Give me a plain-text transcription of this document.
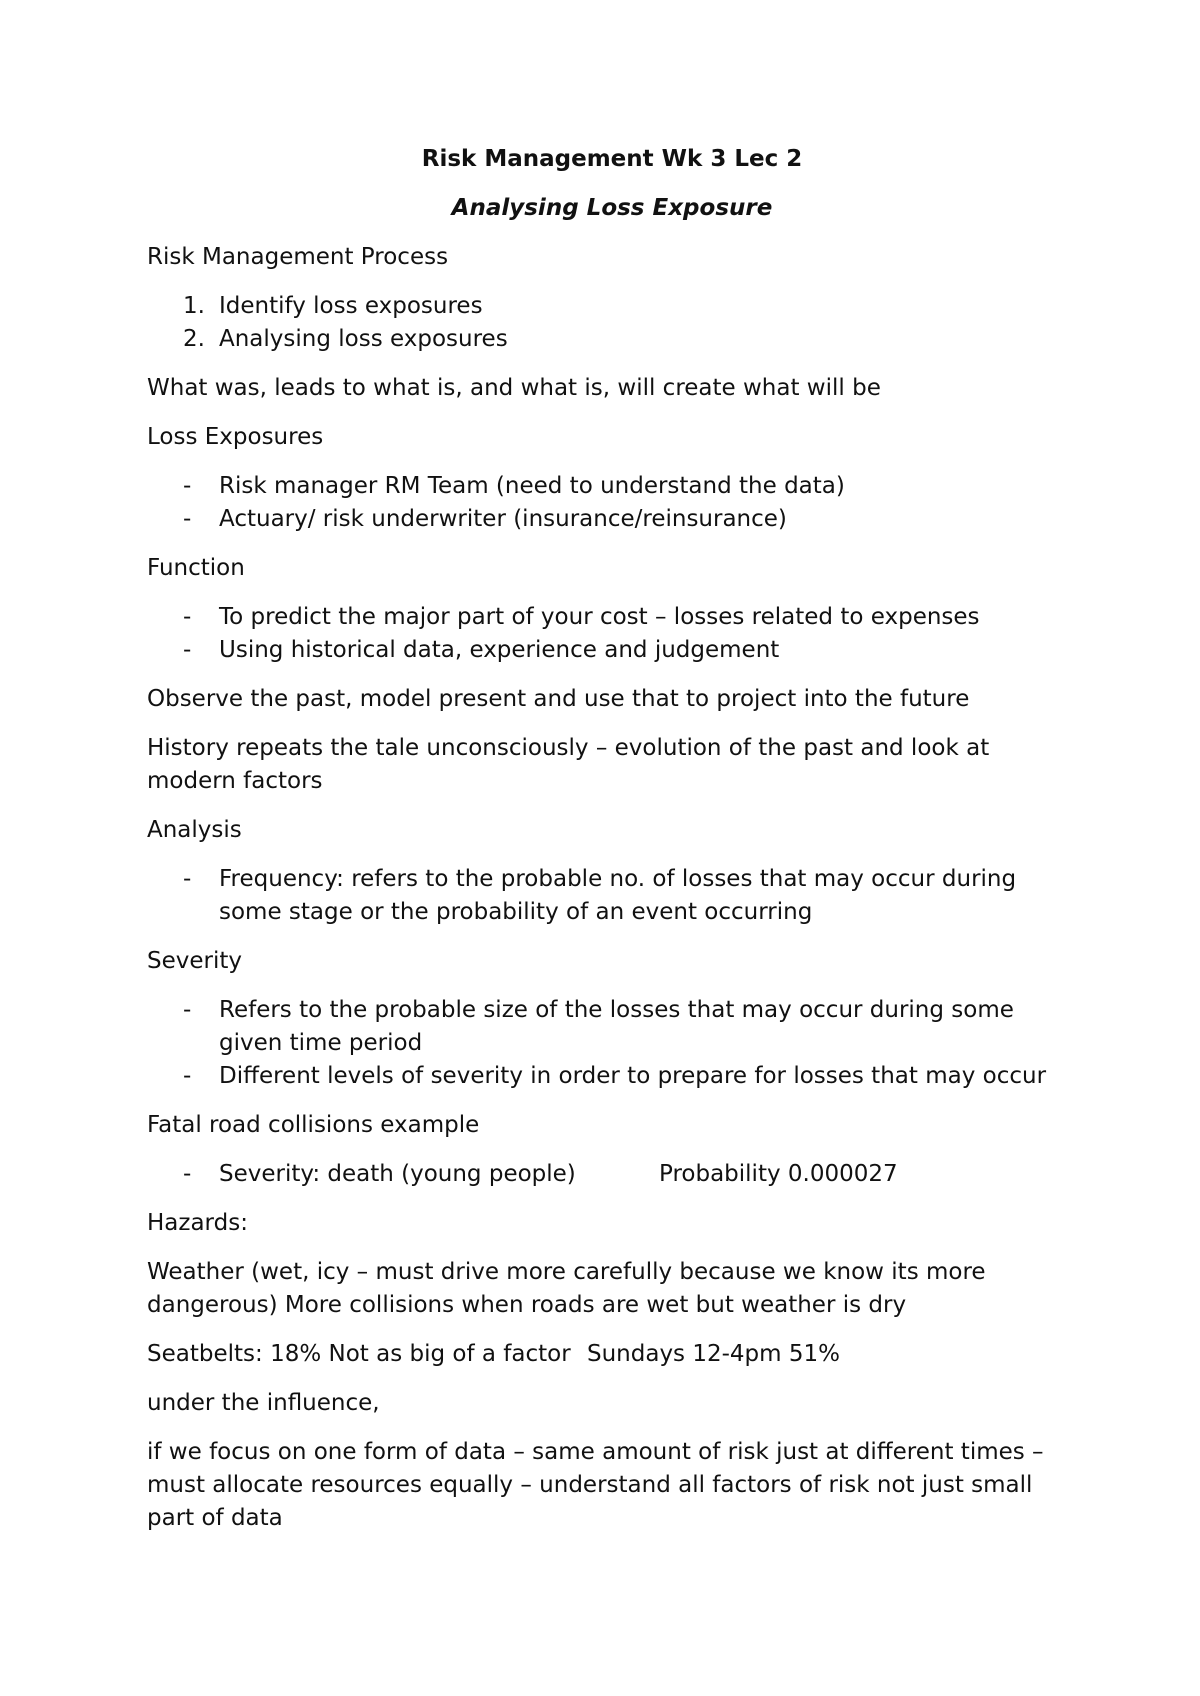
Risk Management Wk 3 Lec 2

Analysing Loss Exposure

Risk Management Process

1. Identify loss exposures
2. Analysing loss exposures

What was, leads to what is, and what is, will create what will be

Loss Exposures

- Risk manager RM Team (need to understand the data)
- Actuary/ risk underwriter (insurance/reinsurance)

Function

- To predict the major part of your cost – losses related to expenses
- Using historical data, experience and judgement

Observe the past, model present and use that to project into the future

History repeats the tale unconsciously – evolution of the past and look at modern factors

Analysis

- Frequency: refers to the probable no. of losses that may occur during some stage or the probability of an event occurring

Severity

- Refers to the probable size of the losses that may occur during some given time period
- Different levels of severity in order to prepare for losses that may occur

Fatal road collisions example

- Severity: death (young people)	Probability 0.000027

Hazards:

Weather (wet, icy – must drive more carefully because we know its more dangerous) More collisions when roads are wet but weather is dry

Seatbelts: 18% Not as big of a factor Sundays 12-4pm 51%

under the influence,

if we focus on one form of data – same amount of risk just at different times – must allocate resources equally – understand all factors of risk not just small part of data
